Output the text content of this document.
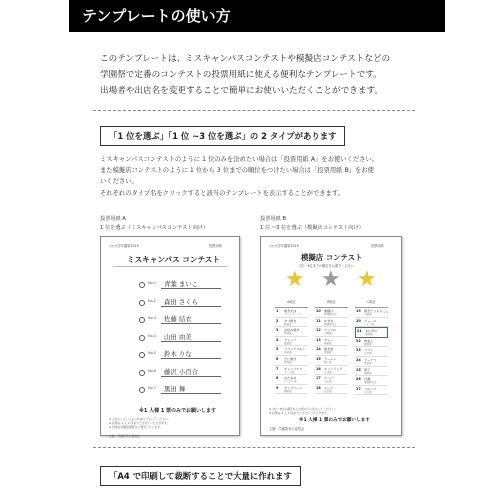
テンプレートの使い方
このテンプレートは、ミスキャンパスコンテストや模擬店コンテストなどの
学園祭で定番のコンテストの投票用紙に使える便利なテンプレートです。
出場者や出店名を変更することで簡単にお使いいただくことができます。
「1 位を選ぶ」「1 位 ~3 位を選ぶ」の 2 タイプがあります
ミスキャンパスコンテストのように 1 位のみを決めたい場合は「投票用紙 A」をお使いください。
また模擬店コンテストのように 1 位から 3 位までの順位をつけたい場合は「投票用紙 B」をお使
いください。
それぞれのタイプ名をクリックすると該当のテンプレートを表示することができます。
投票用紙 A
1 位を選ぶ（ミスキャンパスコンテスト向け）
投票用紙 B
1 位 ~3 位を選ぶ（模擬店コンテスト向け）
○○大学学園祭2019	投票用紙
ミスキャンパス コンテスト
No.1 青葉 まいこ
No.2 森田 さくら
No.3 佐藤 結衣
No.4 山田 由美
No.5 鈴木 りな
No.6 藤沢 小百合
No.7 黒田 舞
※1 人様 1 票のみでお願いします
※ 1 位にしたい人の○を塗りつぶしてください。
※ 投票は 1 人 1 回までとさせていただきます。
※ 結果は学園祭最終日に発表いたします。

主催：学園祭実行委員会
○○大学学園祭2019	投票用紙
模擬店 コンテスト
1位〜3位までの順位をお書きください
★ ★ ★
A地区
1 焼きそば
テニス サークル
2 タコ焼き
軽音部
3 お好み焼き
野球部
4 クレープ
茶道部
5 フランクフルト
美術部
6 たい焼き
写真部
7 チョコバナナ
ダンス部
8 わたあめ
サッカー部
9 ポップコーン
演劇部
B地区
10 唐揚げ
料理研究会
11 かき氷
映画研究会
12 ワッフル
合唱部
13 カレー
剣道部
14 焼き鳥
柔道部
15 ラーメン
陸上部
16 ホットドッグ
水泳部
17 ケバブ
山岳部
18 スープ
文芸部
C地区
19 焼きとうもろこし
弓道部
20 ジュース
バスケ部
21 おにぎり
卓球部
22 肉まん
囲碁部
23 パフェ
化学部
24 ドーナツ
書道部
25 団子
将棋部
26 甘酒
落語研究会
27 フルーツ
天文部
※ 1位〜3位の番号を上の星の下に記入してください。
※ 投票は 1 人 1 回までとさせていただきます。
※1 人様 1 票のみでお願いします
主催：学園祭実行委員会
「A4 で印刷して裁断することで大量に作れます
